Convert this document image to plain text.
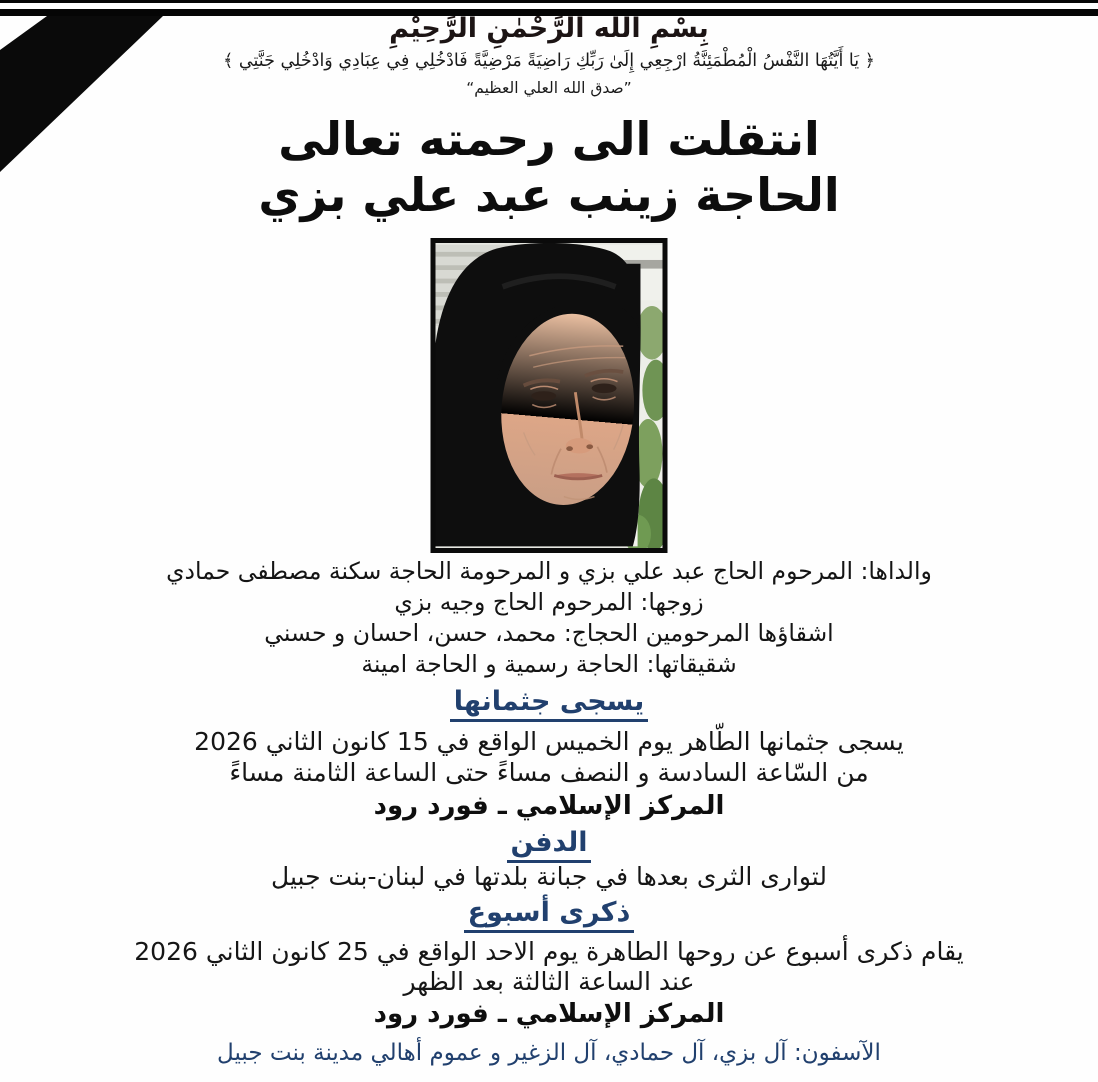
بِسْمِ الله الرَّحْمٰنِ الرَّحِيْمِ
﴿ يَا أَيَّتُهَا النَّفْسُ الْمُطْمَئِنَّةُ ارْجِعِي إِلَىٰ رَبِّكِ رَاضِيَةً مَرْضِيَّةً فَادْخُلِي فِي عِبَادِي وَادْخُلِي جَنَّتِي ﴾
”صدق الله العلي العظيم“
انتقلت الى رحمته تعالى
الحاجة زينب عبد علي بزي
والداها: المرحوم الحاج عبد علي بزي و المرحومة الحاجة سكنة مصطفى حمادي
زوجها: المرحوم الحاج وجيه بزي
اشقاؤها المرحومين الحجاج: محمد، حسن، احسان و حسني
شقيقاتها: الحاجة رسمية و الحاجة امينة
يسجى جثمانها
يسجى جثمانها الطّاهر يوم الخميس الواقع في 15 كانون الثاني 2026
من السّاعة السادسة و النصف مساءً حتى الساعة الثامنة مساءً
المركز الإسلامي ـ فورد رود
الدفن
لتوارى الثرى بعدها في جبانة بلدتها في لبنان-بنت جبيل
ذكرى أسبوع
يقام ذكرى أسبوع عن روحها الطاهرة يوم الاحد الواقع في 25 كانون الثاني 2026
عند الساعة الثالثة بعد الظهر
المركز الإسلامي ـ فورد رود
الآسفون: آل بزي، آل حمادي، آل الزغير و عموم أهالي مدينة بنت جبيل
